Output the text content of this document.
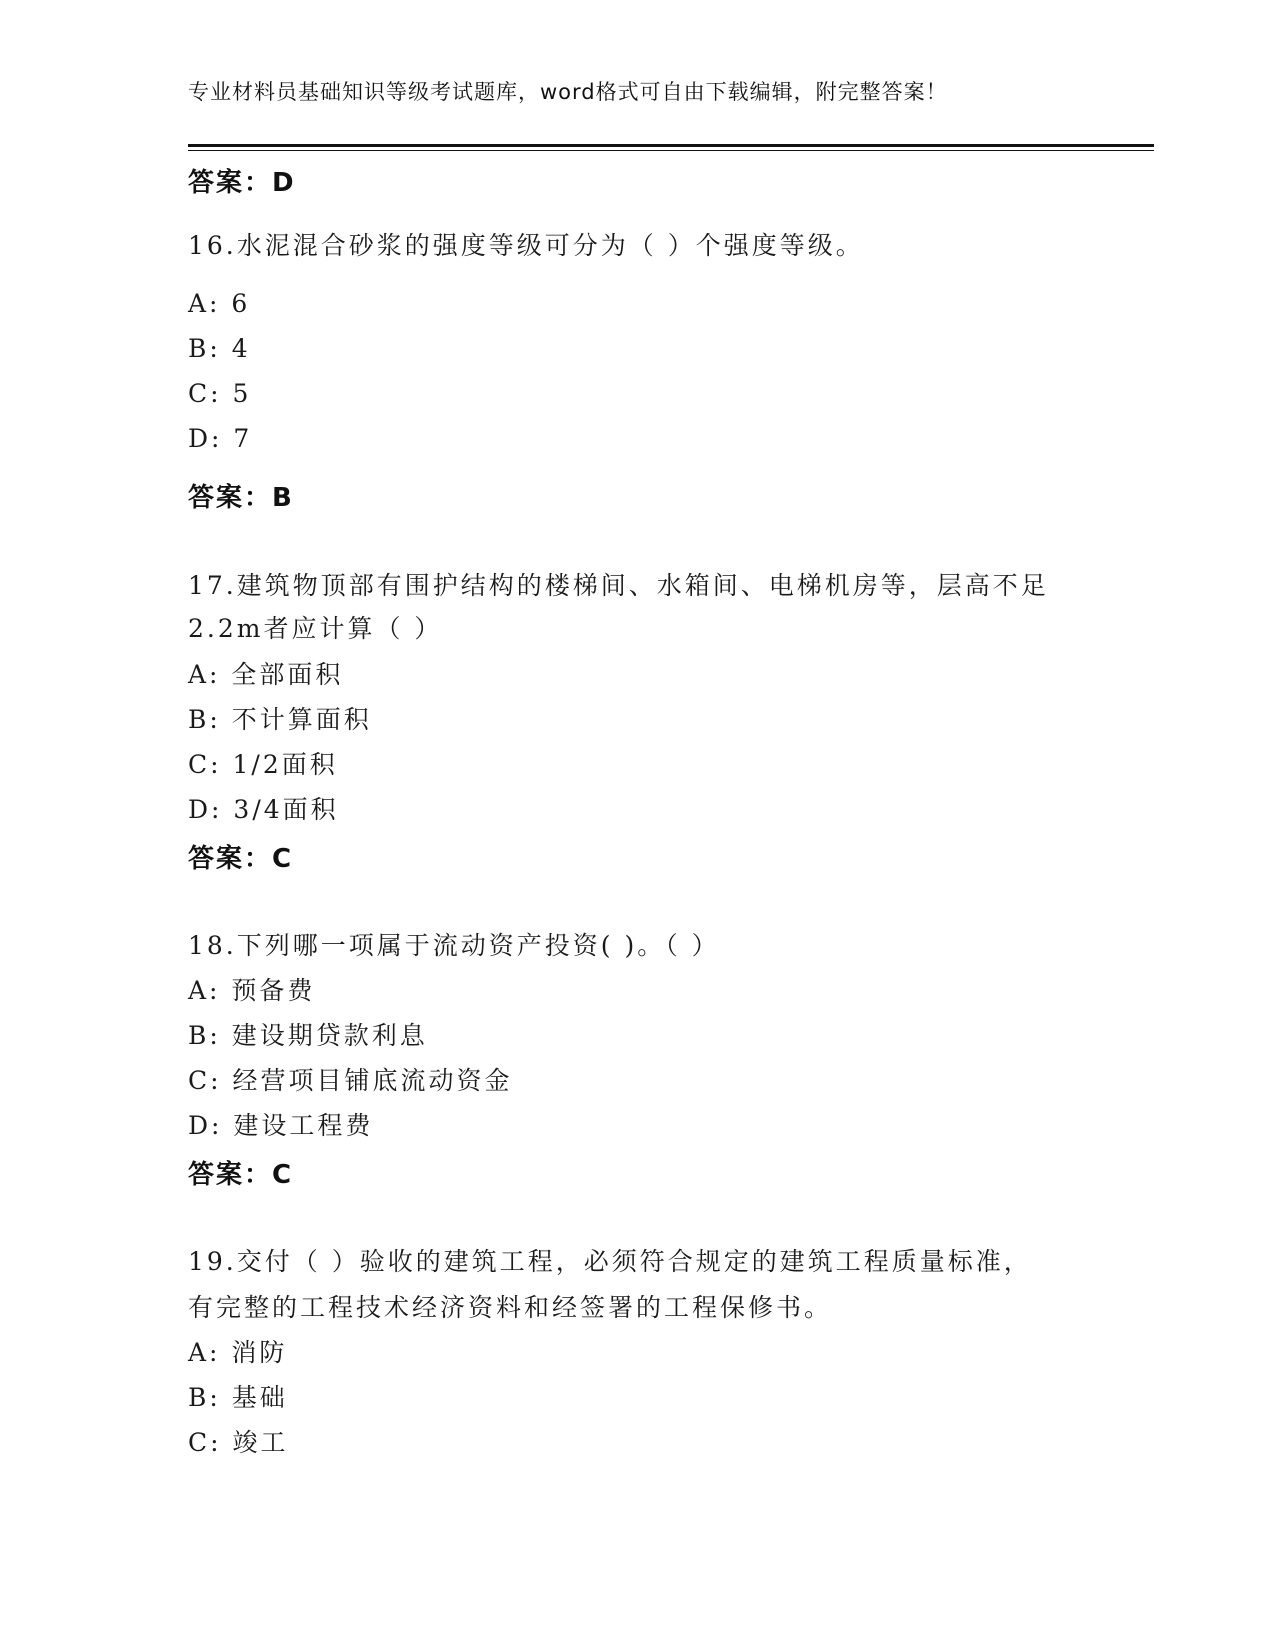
专业材料员基础知识等级考试题库，word格式可自由下载编辑，附完整答案！
答案：D
16.水泥混合砂浆的强度等级可分为（ ）个强度等级。
A: 6
B: 4
C: 5
D: 7
答案：B
17.建筑物顶部有围护结构的楼梯间、水箱间、电梯机房等，层高不足
2.2m者应计算（ ）
A: 全部面积
B: 不计算面积
C: 1/2面积
D: 3/4面积
答案：C
18.下列哪一项属于流动资产投资( )。（ ）
A: 预备费
B: 建设期贷款利息
C: 经营项目铺底流动资金
D: 建设工程费
答案：C
19.交付（ ）验收的建筑工程，必须符合规定的建筑工程质量标准，
有完整的工程技术经济资料和经签署的工程保修书。
A: 消防
B: 基础
C: 竣工
